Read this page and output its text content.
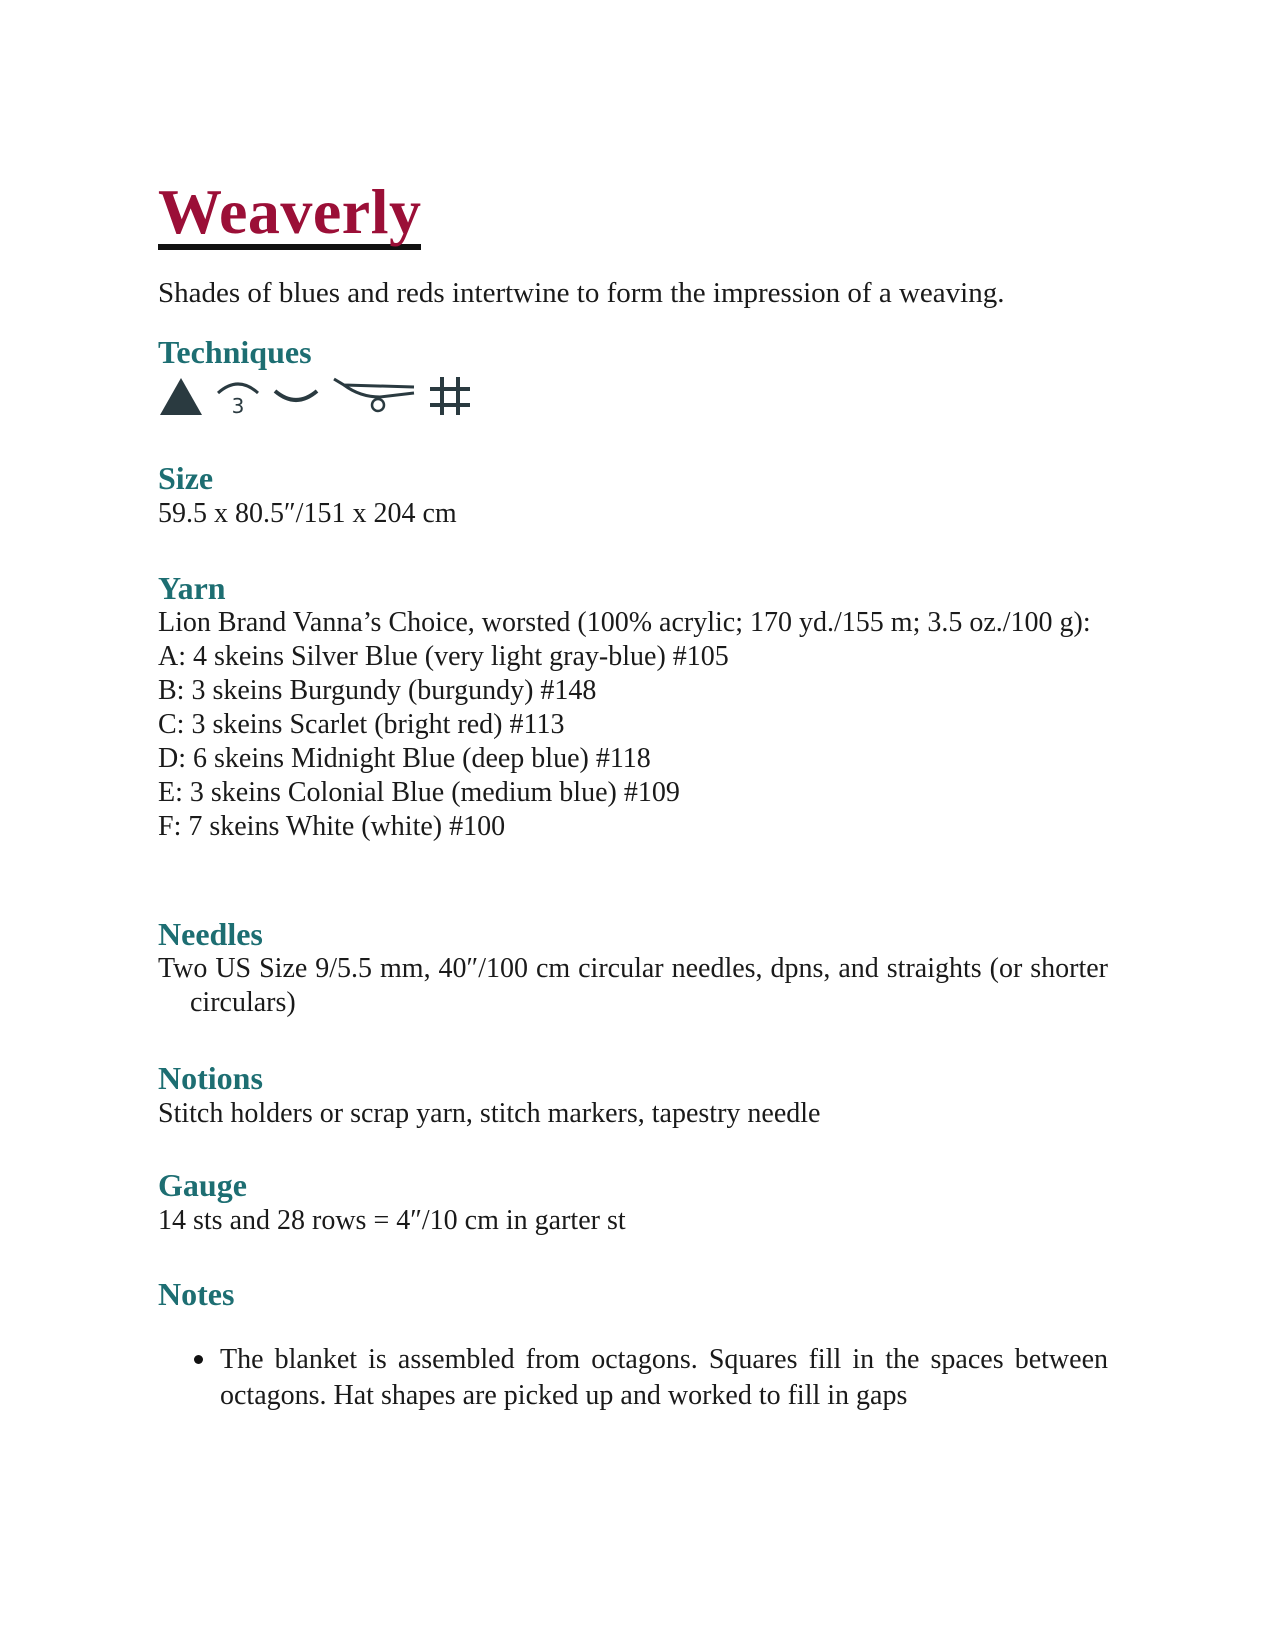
Weaverly

Shades of blues and reds intertwine to form the impression of a weaving.

Techniques
3
Size

59.5 x 80.5″/151 x 204 cm

Yarn

Lion Brand Vanna’s Choice, worsted (100% acrylic; 170 yd./155 m; 3.5 oz./100 g):

A: 4 skeins Silver Blue (very light gray-blue) #105

B: 3 skeins Burgundy (burgundy) #148

C: 3 skeins Scarlet (bright red) #113

D: 6 skeins Midnight Blue (deep blue) #118

E: 3 skeins Colonial Blue (medium blue) #109

F: 7 skeins White (white) #100

Needles

Two US Size 9/5.5 mm, 40″/100 cm circular needles, dpns, and straights (or shorter circulars)

Notions

Stitch holders or scrap yarn, stitch markers, tapestry needle

Gauge

14 sts and 28 rows = 4″/10 cm in garter st

Notes
The blanket is assembled from octagons. Squares fill in the spaces between octagons. Hat shapes are picked up and worked to fill in gaps
